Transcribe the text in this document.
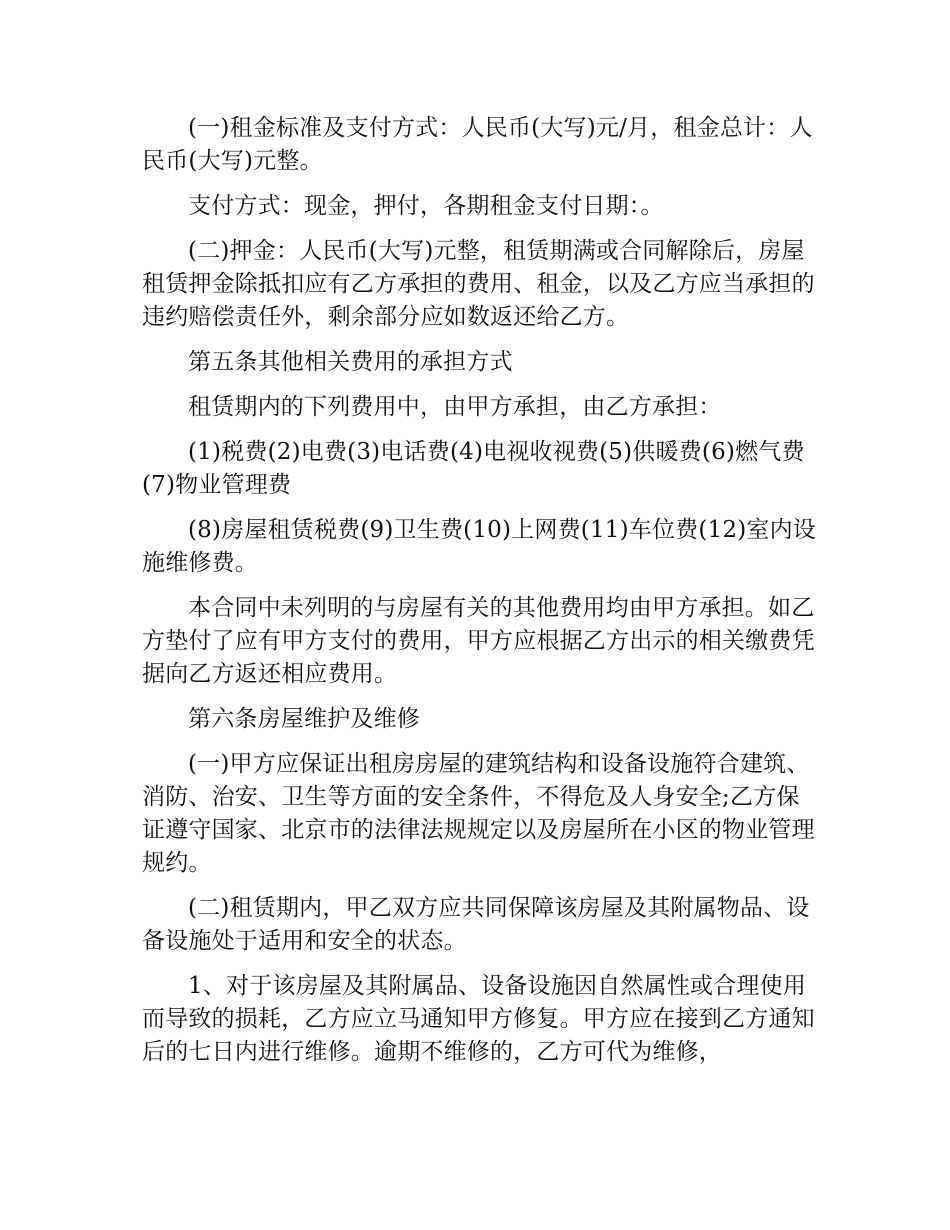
(一)租金标准及支付方式：人民币(大写)元/月，租金总计：人民币(大写)元整。

支付方式：现金，押付，各期租金支付日期：。

(二)押金：人民币(大写)元整，租赁期满或合同解除后，房屋租赁押金除抵扣应有乙方承担的费用、租金，以及乙方应当承担的违约赔偿责任外，剩余部分应如数返还给乙方。

第五条其他相关费用的承担方式

租赁期内的下列费用中，由甲方承担，由乙方承担：

(1)税费(2)电费(3)电话费(4)电视收视费(5)供暖费(6)燃气费(7)物业管理费

(8)房屋租赁税费(9)卫生费(10)上网费(11)车位费(12)室内设施维修费。

本合同中未列明的与房屋有关的其他费用均由甲方承担。如乙方垫付了应有甲方支付的费用，甲方应根据乙方出示的相关缴费凭据向乙方返还相应费用。

第六条房屋维护及维修

(一)甲方应保证出租房房屋的建筑结构和设备设施符合建筑、消防、治安、卫生等方面的安全条件，不得危及人身安全;乙方保证遵守国家、北京市的法律法规规定以及房屋所在小区的物业管理规约。

(二)租赁期内，甲乙双方应共同保障该房屋及其附属物品、设备设施处于适用和安全的状态。

1、对于该房屋及其附属品、设备设施因自然属性或合理使用而导致的损耗，乙方应立马通知甲方修复。甲方应在接到乙方通知后的七日内进行维修。逾期不维修的，乙方可代为维修，
